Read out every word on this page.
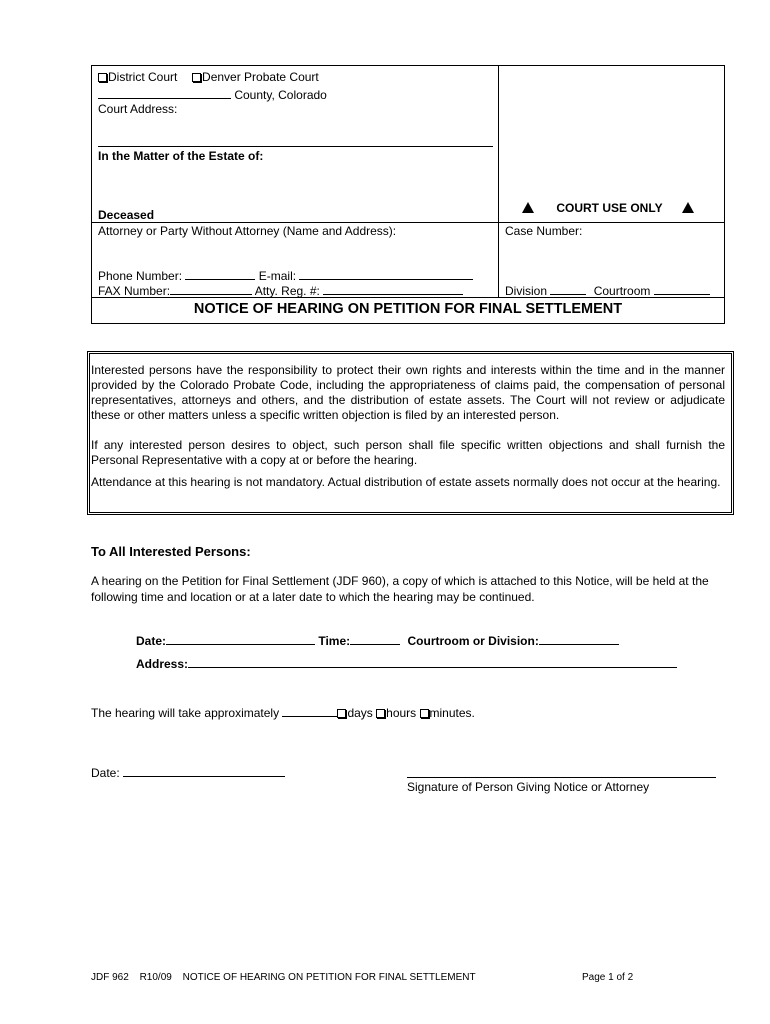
District Court Denver Probate Court
County, Colorado
Court Address:
In the Matter of the Estate of:
Deceased	COURT USE ONLY
Attorney or Party Without Attorney (Name and Address):	Case Number:
Phone Number:	E-mail:
FAX Number:	Atty. Reg. #:	Division	Courtroom
NOTICE OF HEARING ON PETITION FOR FINAL SETTLEMENT
Interested persons have the responsibility to protect their own rights and interests within the time and in the manner provided by the Colorado Probate Code, including the appropriateness of claims paid, the compensation of personal representatives, attorneys and others, and the distribution of estate assets. The Court will not review or adjudicate these or other matters unless a specific written objection is filed by an interested person.
If any interested person desires to object, such person shall file specific written objections and shall furnish the Personal Representative with a copy at or before the hearing.
Attendance at this hearing is not mandatory. Actual distribution of estate assets normally does not occur at the hearing.
To All Interested Persons:
A hearing on the Petition for Final Settlement (JDF 960), a copy of which is attached to this Notice, will be held at the following time and location or at a later date to which the hearing may be continued.
Date:	Time:	Courtroom or Division:
Address:
The hearing will take approximately	days hours minutes.
Date:
Signature of Person Giving Notice or Attorney
JDF 962 R10/09 NOTICE OF HEARING ON PETITION FOR FINAL SETTLEMENT	Page 1 of 2
